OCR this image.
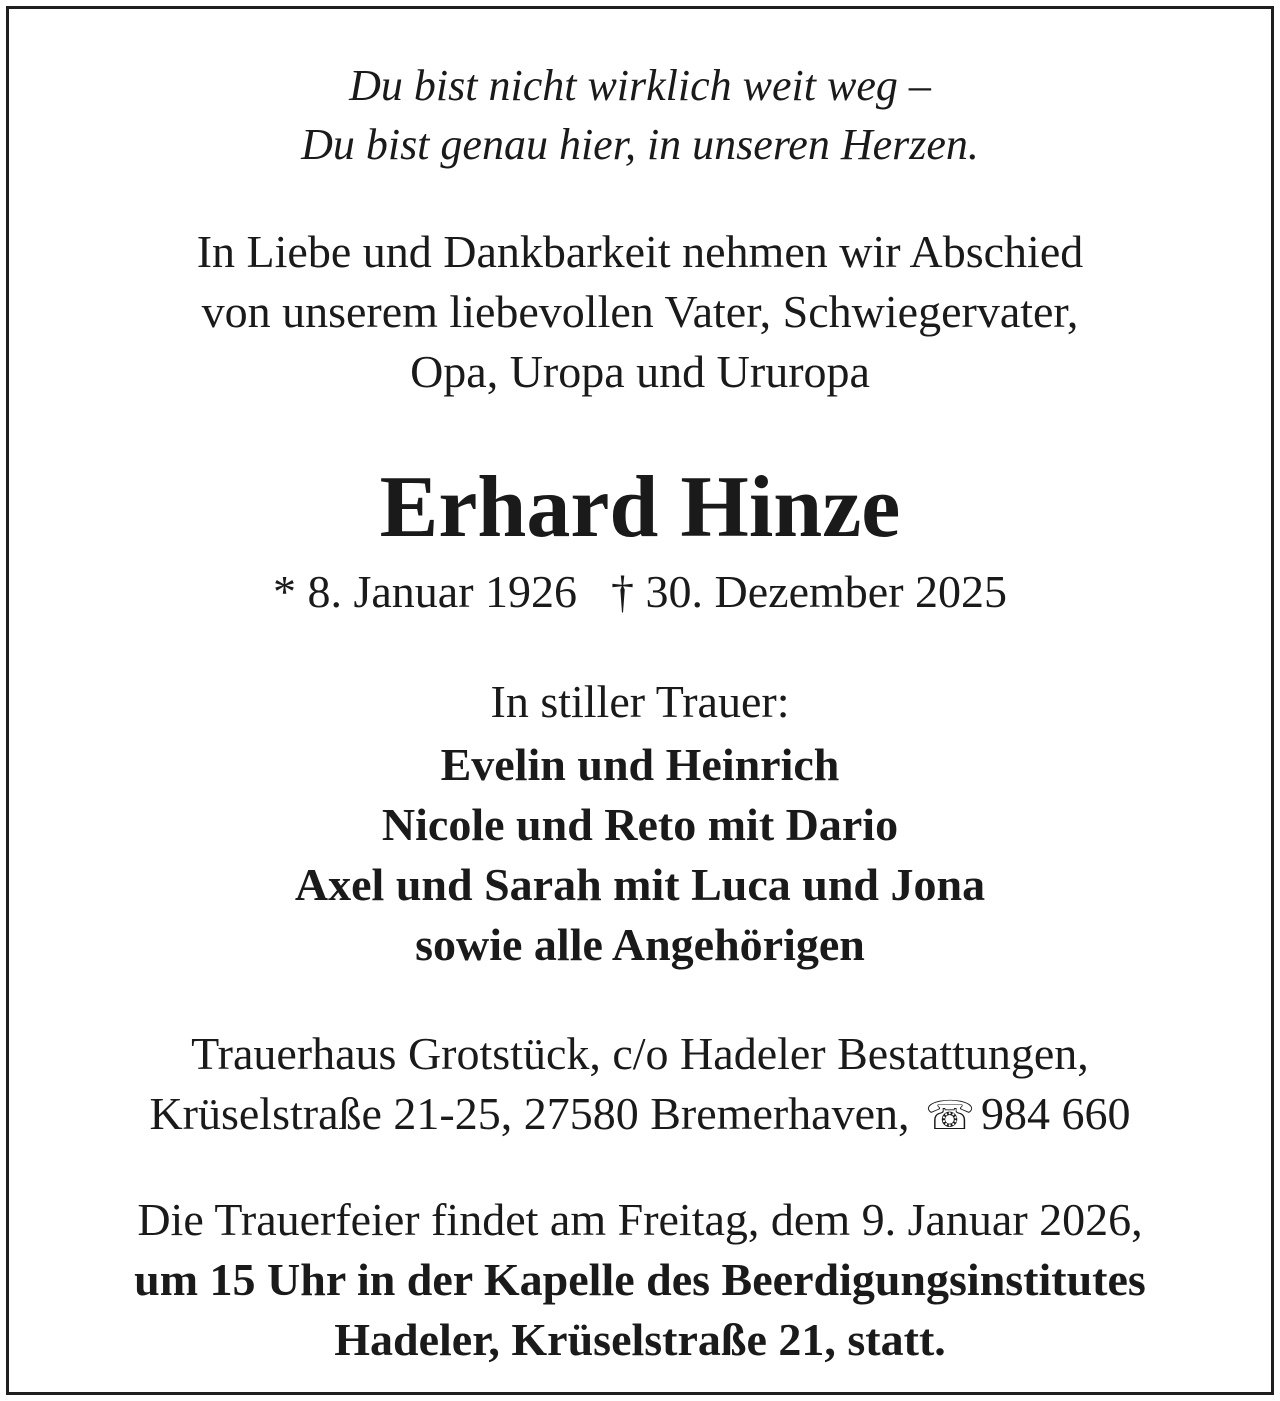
Du bist nicht wirklich weit weg –
Du bist genau hier, in unseren Herzen.
In Liebe und Dankbarkeit nehmen wir Abschied
von unserem liebevollen Vater, Schwiegervater,
Opa, Uropa und Ururopa
Erhard Hinze
* 8. Januar 1926 † 30. Dezember 2025
In stiller Trauer:
Evelin und Heinrich
Nicole und Reto mit Dario
Axel und Sarah mit Luca und Jona
sowie alle Angehörigen
Trauerhaus Grotstück, c/o Hadeler Bestattungen,
Krüselstraße 21-25, 27580 Bremerhaven, ☏ 984 660
Die Trauerfeier findet am Freitag, dem 9. Januar 2026,
um 15 Uhr in der Kapelle des Beerdigungsinstitutes
Hadeler, Krüselstraße 21, statt.
